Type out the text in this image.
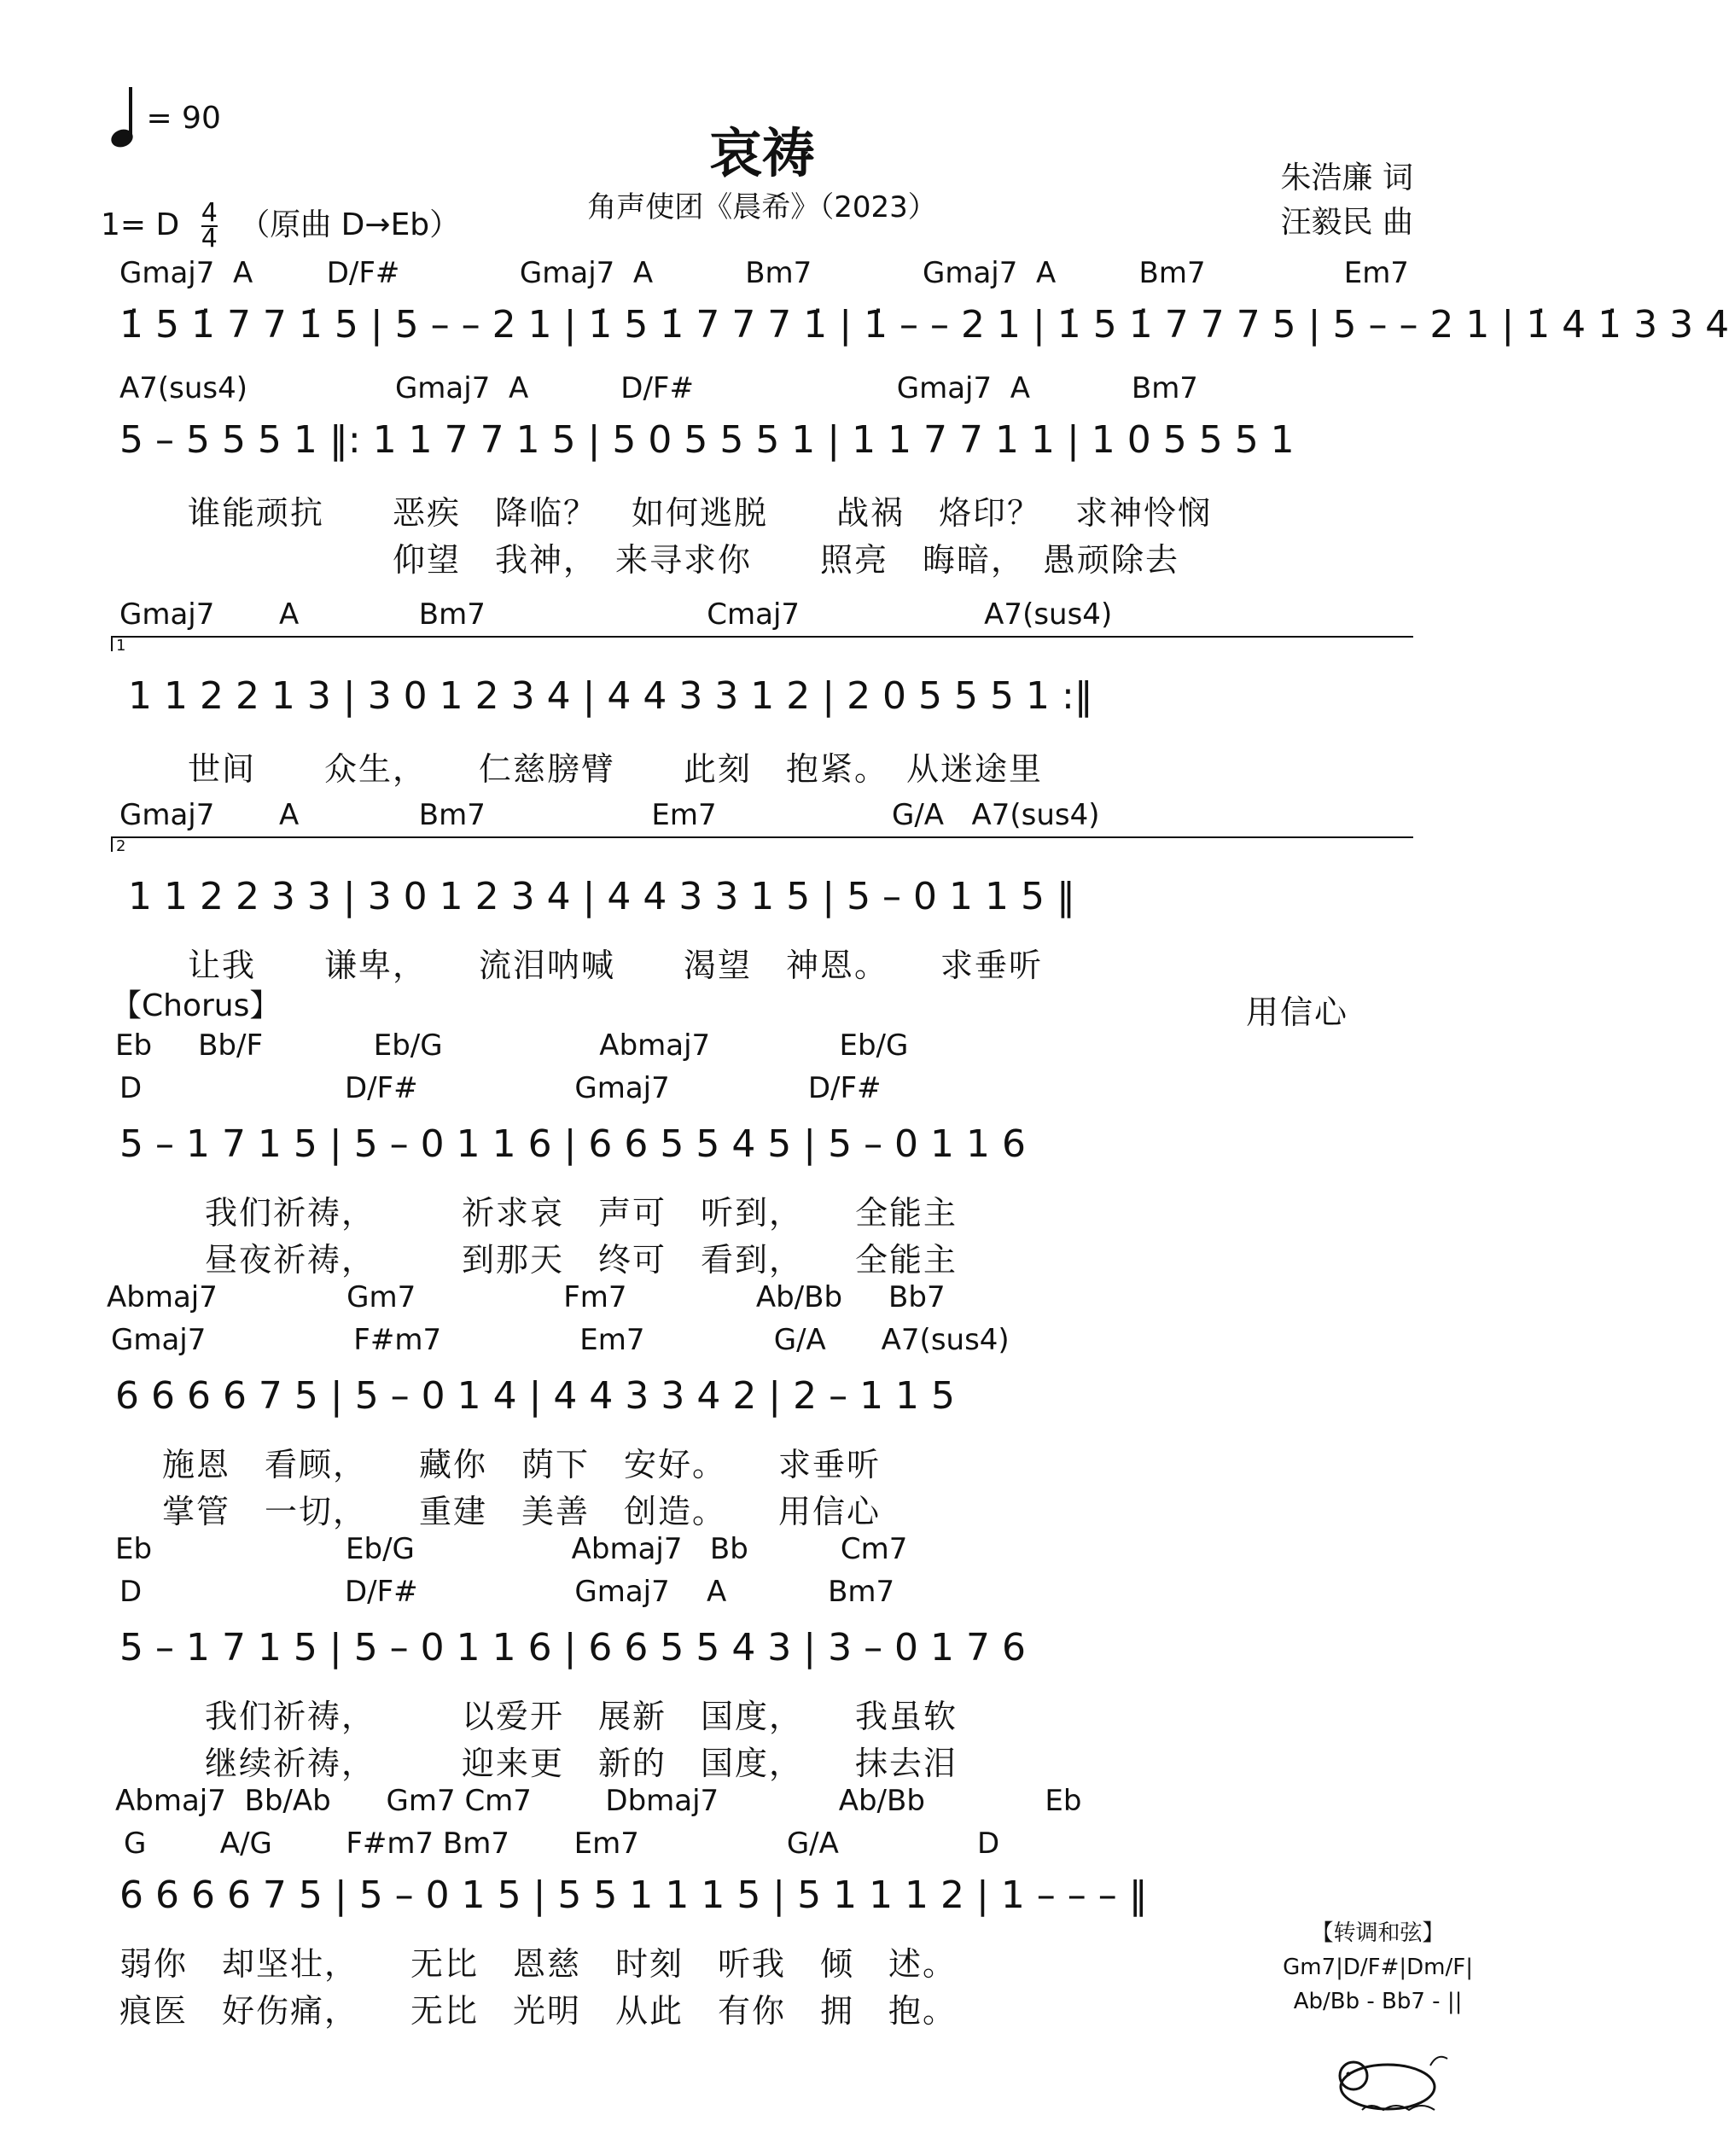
= 90
哀祷
角声使团《晨希》（2023）
朱浩廉 词
汪毅民 曲
1= D $\frac{4}{4}$ （原曲 D→Eb）
Gmaj7  A        D/F#             Gmaj7  A          Bm7            Gmaj7  A         Bm7               Em7
1̇ 5 1̇ 7 7 1̇ 5 | 5 – – 2 1 | 1̇ 5 1̇ 7 7 7 1̇ | 1̇ – – 2 1 | 1̇ 5 1̇ 7 7 7 5 | 5 – – 2 1 | 1̇ 4 1̇ 3 3 4
A7(sus4)                Gmaj7  A          D/F#                      Gmaj7  A           Bm7
5 – 5 5 5 1 ‖: 1 1 7 7 1 5 | 5 0 5 5 5 1 | 1 1 7 7 1 1 | 1 0 5 5 5 1
谁能顽抗　　恶疾　降临？　如何逃脱　　战祸　烙印？　求神怜悯
　　　　　　仰望　我神，　来寻求你　　照亮　晦暗，　愚顽除去
Gmaj7       A             Bm7                        Cmaj7                    A7(sus4)
1
1 1 2 2 1 3 | 3 0 1 2 3 4 | 4 4 3 3 1 2 | 2 0 5 5 5 1 :‖
世间　　众生，　　仁慈膀臂　　此刻　抱紧。　从迷途里
Gmaj7       A             Bm7                  Em7                   G/A   A7(sus4)
2
1 1 2 2 3 3 | 3 0 1 2 3 4 | 4 4 3 3 1 5 | 5 – 0 1 1 5 ‖
让我　　谦卑，　　流泪呐喊　　渴望　神恩。　　求垂听
【Chorus】	用信心
Eb     Bb/F            Eb/G                 Abmaj7              Eb/G
D                      D/F#                 Gmaj7               D/F#
5 – 1 7 1 5 | 5 – 0 1 1 6 | 6 6 5 5 4 5 | 5 – 0 1 1 6
我们祈祷，　　　祈求哀　声可　听到，　　全能主
昼夜祈祷，　　　到那天　终可　看到，　　全能主
Abmaj7              Gm7                Fm7              Ab/Bb     Bb7
Gmaj7                F#m7               Em7              G/A      A7(sus4)
6 6 6 6 7 5 | 5 – 0 1 4 | 4 4 3 3 4 2 | 2 – 1 1 5
施恩　看顾，　　藏你　荫下　安好。　　求垂听
掌管　一切，　　重建　美善　创造。　　用信心
Eb                     Eb/G                 Abmaj7   Bb          Cm7
D                      D/F#                 Gmaj7    A           Bm7
5 – 1 7 1 5 | 5 – 0 1 1 6 | 6 6 5 5 4 3 | 3 – 0 1 7 6
我们祈祷，　　　以爱开　展新　国度，　　我虽软
继续祈祷，　　　迎来更　新的　国度，　　抹去泪
Abmaj7  Bb/Ab      Gm7 Cm7        Dbmaj7             Ab/Bb             Eb
G        A/G        F#m7 Bm7       Em7                G/A               D
6 6 6 6 7 5 | 5 – 0 1 5 | 5 5 1 1 1 5 | 5 1 1 1 2 | 1 – – – ‖
弱你　却坚壮，　　无比　恩慈　时刻　听我　倾　述。
痕医　好伤痛，　　无比　光明　从此　有你　拥　抱。
【转调和弦】
Gm7|D/F#|Dm/F|
Ab/Bb - Bb7 - ||
